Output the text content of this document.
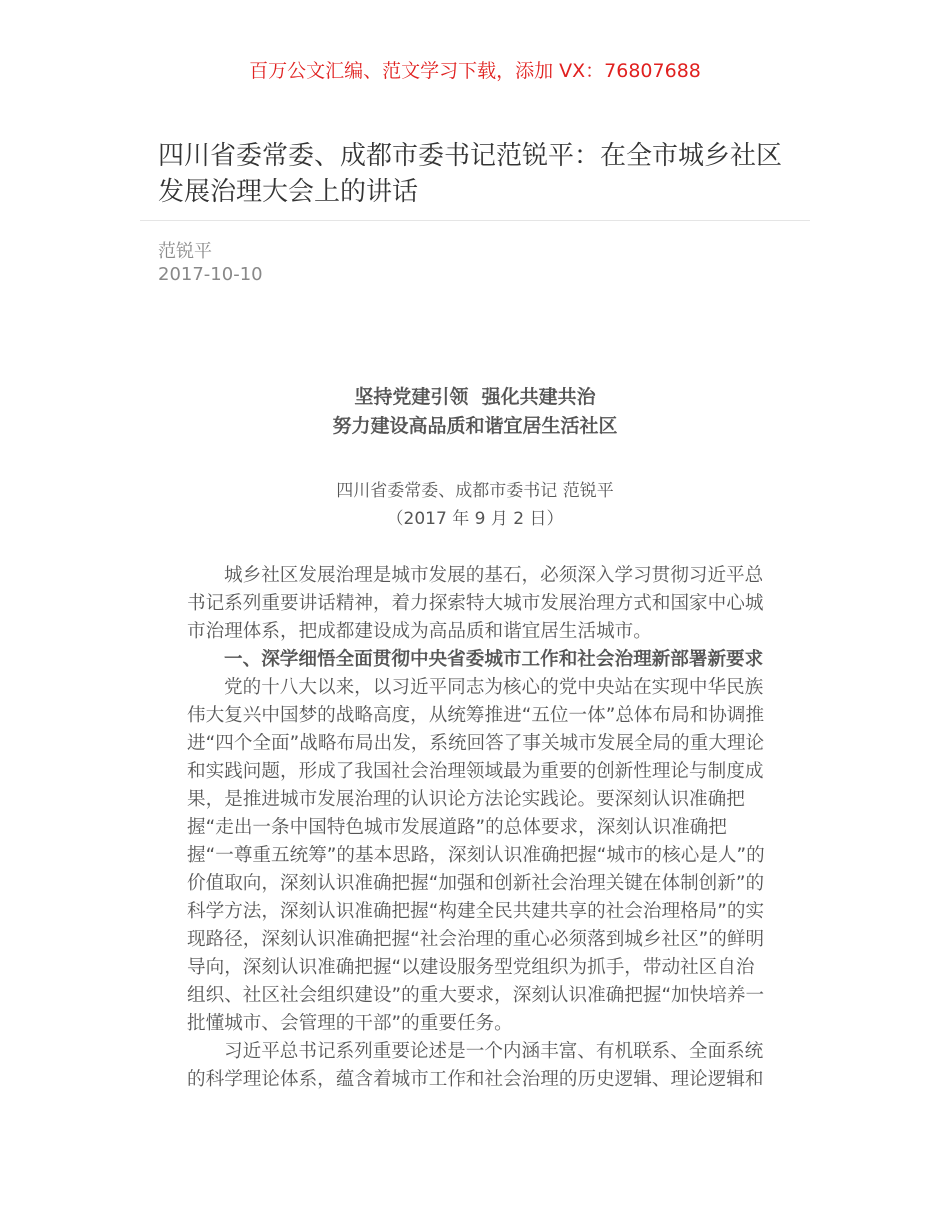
百万公文汇编、范文学习下载，添加 VX：76807688
四川省委常委、成都市委书记范锐平：在全市城乡社区
发展治理大会上的讲话
范锐平
2017-10-10
坚持党建引领  强化共建共治
努力建设高品质和谐宜居生活社区
四川省委常委、成都市委书记 范锐平
（2017 年 9 月 2 日）
城乡社区发展治理是城市发展的基石，必须深入学习贯彻习近平总
书记系列重要讲话精神，着力探索特大城市发展治理方式和国家中心城
市治理体系，把成都建设成为高品质和谐宜居生活城市。
一、深学细悟全面贯彻中央省委城市工作和社会治理新部署新要求
党的十八大以来，以习近平同志为核心的党中央站在实现中华民族
伟大复兴中国梦的战略高度，从统筹推进“五位一体”总体布局和协调推
进“四个全面”战略布局出发，系统回答了事关城市发展全局的重大理论
和实践问题，形成了我国社会治理领域最为重要的创新性理论与制度成
果，是推进城市发展治理的认识论方法论实践论。要深刻认识准确把
握“走出一条中国特色城市发展道路”的总体要求，深刻认识准确把
握“一尊重五统筹”的基本思路，深刻认识准确把握“城市的核心是人”的
价值取向，深刻认识准确把握“加强和创新社会治理关键在体制创新”的
科学方法，深刻认识准确把握“构建全民共建共享的社会治理格局”的实
现路径，深刻认识准确把握“社会治理的重心必须落到城乡社区”的鲜明
导向，深刻认识准确把握“以建设服务型党组织为抓手，带动社区自治
组织、社区社会组织建设”的重大要求，深刻认识准确把握“加快培养一
批懂城市、会管理的干部”的重要任务。
习近平总书记系列重要论述是一个内涵丰富、有机联系、全面系统
的科学理论体系，蕴含着城市工作和社会治理的历史逻辑、理论逻辑和
